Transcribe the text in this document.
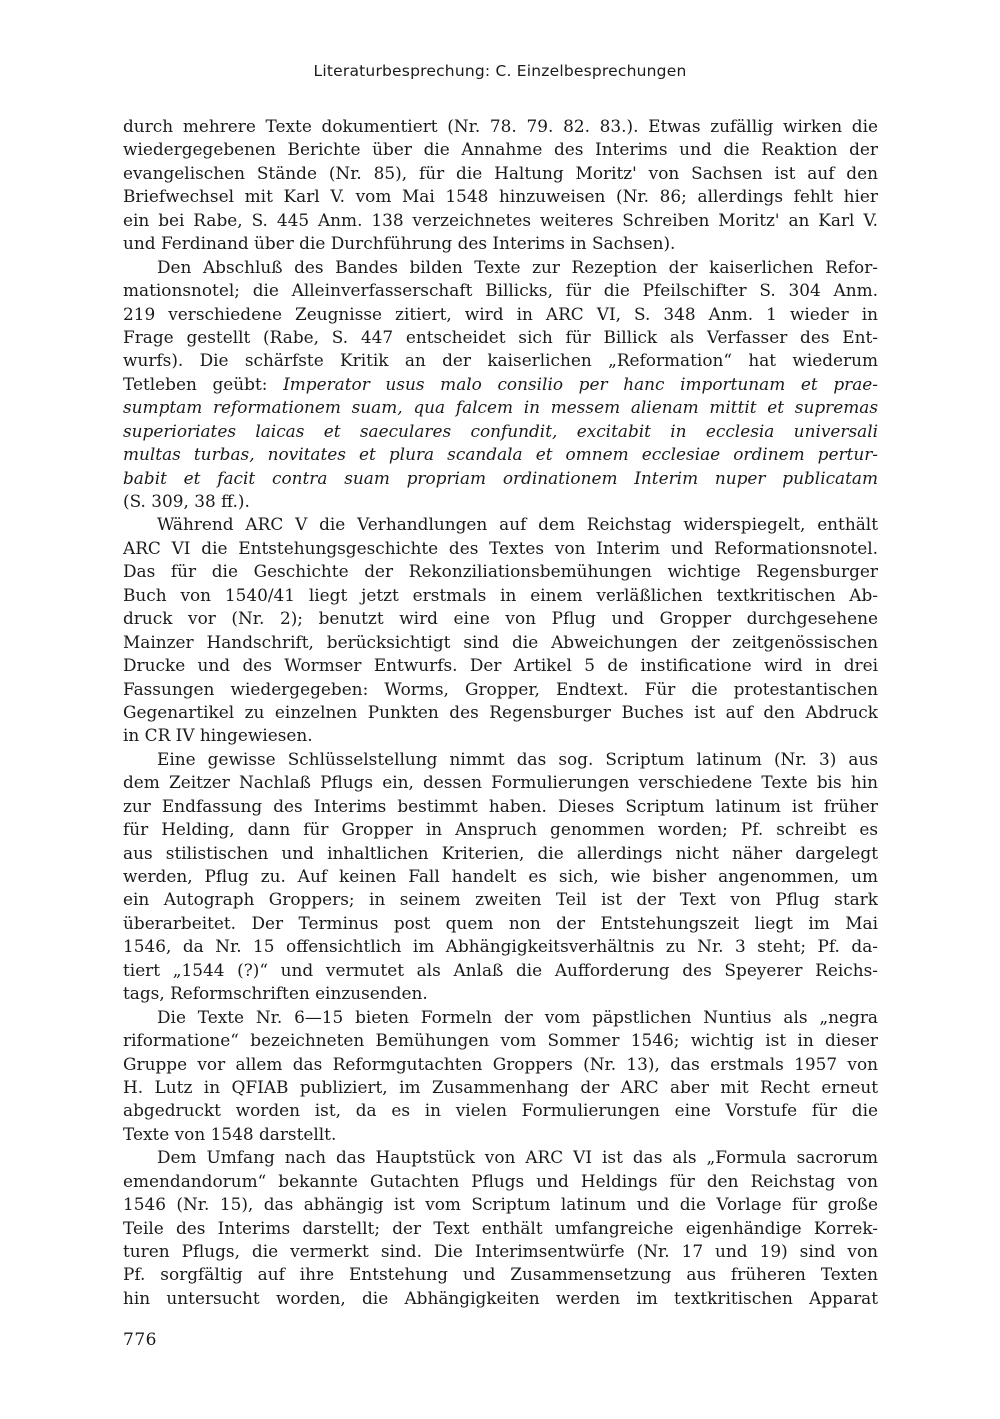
Literaturbesprechung: C. Einzelbesprechungen
durch mehrere Texte dokumentiert (Nr. 78. 79. 82. 83.). Etwas zufällig wirken die
wiedergegebenen Berichte über die Annahme des Interims und die Reaktion der
evangelischen Stände (Nr. 85), für die Haltung Moritz' von Sachsen ist auf den
Briefwechsel mit Karl V. vom Mai 1548 hinzuweisen (Nr. 86; allerdings fehlt hier
ein bei Rabe, S. 445 Anm. 138 verzeichnetes weiteres Schreiben Moritz' an Karl V.
und Ferdinand über die Durchführung des Interims in Sachsen).
Den Abschluß des Bandes bilden Texte zur Rezeption der kaiserlichen Refor-
mationsnotel; die Alleinverfasserschaft Billicks, für die Pfeilschifter S. 304 Anm.
219 verschiedene Zeugnisse zitiert, wird in ARC VI, S. 348 Anm. 1 wieder in
Frage gestellt (Rabe, S. 447 entscheidet sich für Billick als Verfasser des Ent-
wurfs). Die schärfste Kritik an der kaiserlichen „Reformation“ hat wiederum
Tetleben geübt: Imperator usus malo consilio per hanc importunam et prae-
sumptam reformationem suam, qua falcem in messem alienam mittit et supremas
superioriates laicas et saeculares confundit, excitabit in ecclesia universali
multas turbas, novitates et plura scandala et omnem ecclesiae ordinem pertur-
babit et facit contra suam propriam ordinationem Interim nuper publicatam
(S. 309, 38 ff.).
Während ARC V die Verhandlungen auf dem Reichstag widerspiegelt, enthält
ARC VI die Entstehungsgeschichte des Textes von Interim und Reformationsnotel.
Das für die Geschichte der Rekonziliationsbemühungen wichtige Regensburger
Buch von 1540/41 liegt jetzt erstmals in einem verläßlichen textkritischen Ab-
druck vor (Nr. 2); benutzt wird eine von Pflug und Gropper durchgesehene
Mainzer Handschrift, berücksichtigt sind die Abweichungen der zeitgenössischen
Drucke und des Wormser Entwurfs. Der Artikel 5 de instificatione wird in drei
Fassungen wiedergegeben: Worms, Gropper, Endtext. Für die protestantischen
Gegenartikel zu einzelnen Punkten des Regensburger Buches ist auf den Abdruck
in CR IV hingewiesen.
Eine gewisse Schlüsselstellung nimmt das sog. Scriptum latinum (Nr. 3) aus
dem Zeitzer Nachlaß Pflugs ein, dessen Formulierungen verschiedene Texte bis hin
zur Endfassung des Interims bestimmt haben. Dieses Scriptum latinum ist früher
für Helding, dann für Gropper in Anspruch genommen worden; Pf. schreibt es
aus stilistischen und inhaltlichen Kriterien, die allerdings nicht näher dargelegt
werden, Pflug zu. Auf keinen Fall handelt es sich, wie bisher angenommen, um
ein Autograph Groppers; in seinem zweiten Teil ist der Text von Pflug stark
überarbeitet. Der Terminus post quem non der Entstehungszeit liegt im Mai
1546, da Nr. 15 offensichtlich im Abhängigkeitsverhältnis zu Nr. 3 steht; Pf. da-
tiert „1544 (?)“ und vermutet als Anlaß die Aufforderung des Speyerer Reichs-
tags, Reformschriften einzusenden.
Die Texte Nr. 6—15 bieten Formeln der vom päpstlichen Nuntius als „negra
riformatione“ bezeichneten Bemühungen vom Sommer 1546; wichtig ist in dieser
Gruppe vor allem das Reformgutachten Groppers (Nr. 13), das erstmals 1957 von
H. Lutz in QFIAB publiziert, im Zusammenhang der ARC aber mit Recht erneut
abgedruckt worden ist, da es in vielen Formulierungen eine Vorstufe für die
Texte von 1548 darstellt.
Dem Umfang nach das Hauptstück von ARC VI ist das als „Formula sacrorum
emendandorum“ bekannte Gutachten Pflugs und Heldings für den Reichstag von
1546 (Nr. 15), das abhängig ist vom Scriptum latinum und die Vorlage für große
Teile des Interims darstellt; der Text enthält umfangreiche eigenhändige Korrek-
turen Pflugs, die vermerkt sind. Die Interimsentwürfe (Nr. 17 und 19) sind von
Pf. sorgfältig auf ihre Entstehung und Zusammensetzung aus früheren Texten
hin untersucht worden, die Abhängigkeiten werden im textkritischen Apparat
776
